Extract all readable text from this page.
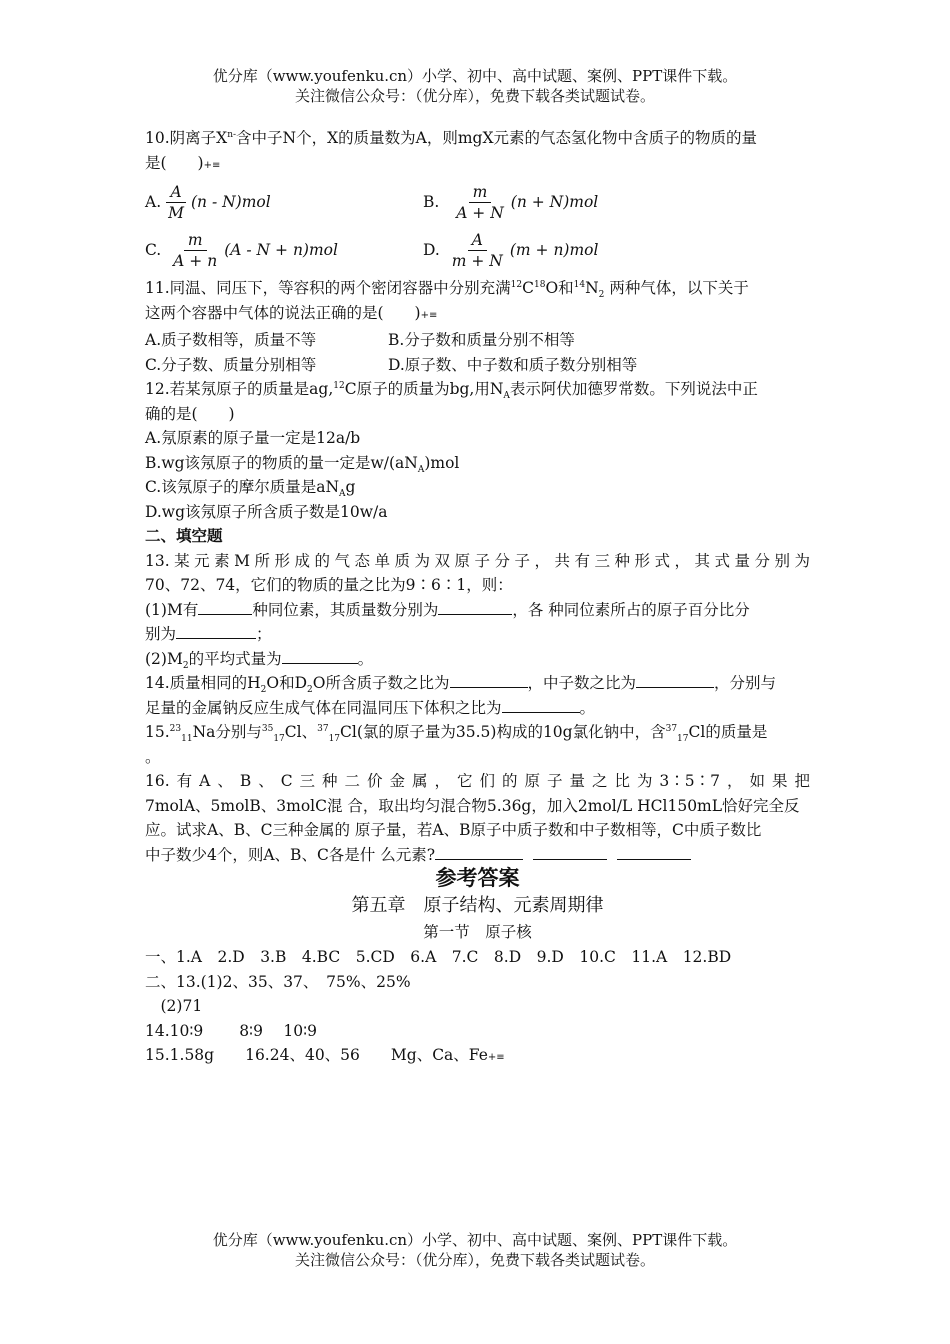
优分库（www.youfenku.cn）小学、初中、高中试题、案例、PPT课件下载。
关注微信公众号：（优分库），免费下载各类试题试卷。
10.阴离子$X^{n-}$含中子N个，X的质量数为A，则mgX元素的气态氢化物中含质子的物质的量
是(　　)+≡
A. $\frac{A}{M} (n - N)mol$	B.
$\frac{m}{A + N} (n + N)mol$
C.
$\frac{m}{A + n} (A - N + n)mol$	D.
$\frac{A}{m + N} (m + n)mol$
11.同温、同压下，等容积的两个密闭容器中分别充满$^{12}C^{18}O$和$^{14}N_2$ 两种气体，以下关于
这两个容器中气体的说法正确的是(　　)+≡
A.质子数相等，质量不等	B.分子数和质量分别不相等
C.分子数、质量分别相等	D.原子数、中子数和质子数分别相等
12.若某氖原子的质量是ag,$^{12}$C原子的质量为bg,用$N_A$表示阿伏加德罗常数。下列说法中正
确的是(　　)
A.氖原素的原子量一定是12a/b
B.wg该氖原子的物质的量一定是$w/(aN_A)mol$
C.该氖原子的摩尔质量是$aN_Ag$
D.wg该氖原子所含质子数是10w/a
二、填空题
13.某元素M所形成的气态单质为双原子分子，共有三种形式，其式量分别为
70、72、74，它们的物质的量之比为9∶6∶1，则：
(1)M有	种同位素，其质量数分别为	，各 种同位素所占的原子百分比分
别为	；
$(2)M_2$的平均式量为	。
14.质量相同的$H_2O$和$D_2O$所含质子数之比为	，中子数之比为	，分别与
足量的金属钠反应生成气体在同温同压下体积之比为	。
$15.23_{11}Na$分别与$^{35}_{17}$Cl、$^{37}_{17}$Cl(氯的原子量为35.5)构成的10g氯化钠中，含$^{37}_{17}$Cl的质量是
。
16.有A、B、C三种二价金属，它们的原子量之比为3∶5∶7，如果把
7molA、5molB、3molC混 合，取出均匀混合物5.36g，加入2mol/L HCl150mL恰好完全反
应。试求A、B、C三种金属的 原子量，若A、B原子中质子数和中子数相等，C中质子数比
中子数少4个，则A、B、C各是什 么元素?
参考答案
第五章　原子结构、元素周期律
第一节　原子核
一、1.A　2.D　3.B　4.BC　5.CD　6.A　7.C　8.D　9.D　10.C　11.A　12.BD
二、13.(1)2、35、37、　75%、25%
　(2)71
14.10∶9　　 8∶9　 10∶9
15.1.58g　　16.24、40、56　　Mg、Ca、Fe+≡
优分库（www.youfenku.cn）小学、初中、高中试题、案例、PPT课件下载。
关注微信公众号：（优分库），免费下载各类试题试卷。
